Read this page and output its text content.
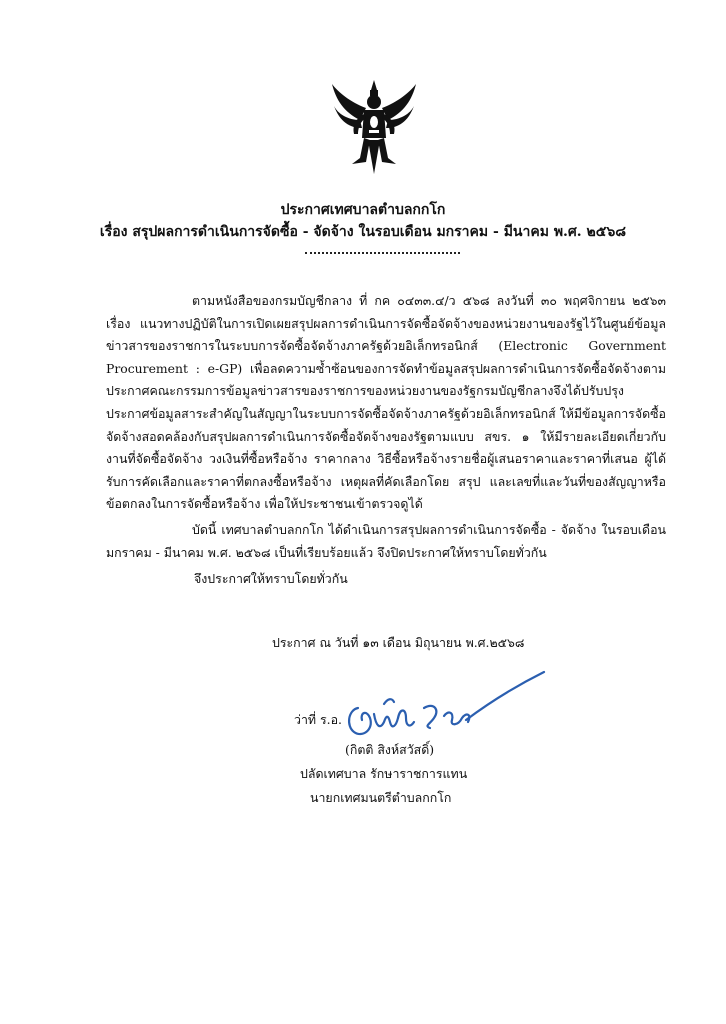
ประกาศเทศบาลตำบลกกโก
เรื่อง สรุปผลการดำเนินการจัดซื้อ - จัดจ้าง ในรอบเดือน มกราคม - มีนาคม พ.ศ. ๒๕๖๘

ตามหนังสือของกรมบัญชีกลาง ที่ กค ๐๔๓๓.๔/ว ๕๖๘ ลงวันที่ ๓๐ พฤศจิกายน ๒๕๖๓ เรื่อง แนวทางปฏิบัติในการเปิดเผยสรุปผลการดำเนินการจัดซื้อจัดจ้างของหน่วยงานของรัฐไว้ในศูนย์ข้อมูลข่าวสารของราชการในระบบการจัดซื้อจัดจ้างภาครัฐด้วยอิเล็กทรอนิกส์ (Electronic Government Procurement : e-GP) เพื่อลดความซ้ำซ้อนของการจัดทำข้อมูลสรุปผลการดำเนินการจัดซื้อจัดจ้างตามประกาศคณะกรรมการข้อมูลข่าวสารของราชการของหน่วยงานของรัฐกรมบัญชีกลางจึงได้ปรับปรุงประกาศข้อมูลสาระสำคัญในสัญญาในระบบการจัดซื้อจัดจ้างภาครัฐด้วยอิเล็กทรอนิกส์ ให้มีข้อมูลการจัดซื้อจัดจ้างสอดคล้องกับสรุปผลการดำเนินการจัดซื้อจัดจ้างของรัฐตามแบบ สขร. ๑ ให้มีรายละเอียดเกี่ยวกับงานที่จัดซื้อจัดจ้าง วงเงินที่ซื้อหรือจ้าง ราคากลาง วิธีซื้อหรือจ้างรายชื่อผู้เสนอราคาและราคาที่เสนอ ผู้ได้รับการคัดเลือกและราคาที่ตกลงซื้อหรือจ้าง เหตุผลที่คัดเลือกโดย สรุป และเลขที่และวันที่ของสัญญาหรือข้อตกลงในการจัดซื้อหรือจ้าง เพื่อให้ประชาชนเข้าตรวจดูได้

บัดนี้ เทศบาลตำบลกกโก ได้ดำเนินการสรุปผลการดำเนินการจัดซื้อ - จัดจ้าง ในรอบเดือน มกราคม - มีนาคม พ.ศ. ๒๕๖๘ เป็นที่เรียบร้อยแล้ว จึงปิดประกาศให้ทราบโดยทั่วกัน

จึงประกาศให้ทราบโดยทั่วกัน
ประกาศ ณ วันที่ ๑๓ เดือน มิถุนายน พ.ศ.๒๕๖๘
ว่าที่ ร.อ.
(กิตติ สิงห์สวัสดิ์)
ปลัดเทศบาล รักษาราชการแทน
นายกเทศมนตรีตำบลกกโก
